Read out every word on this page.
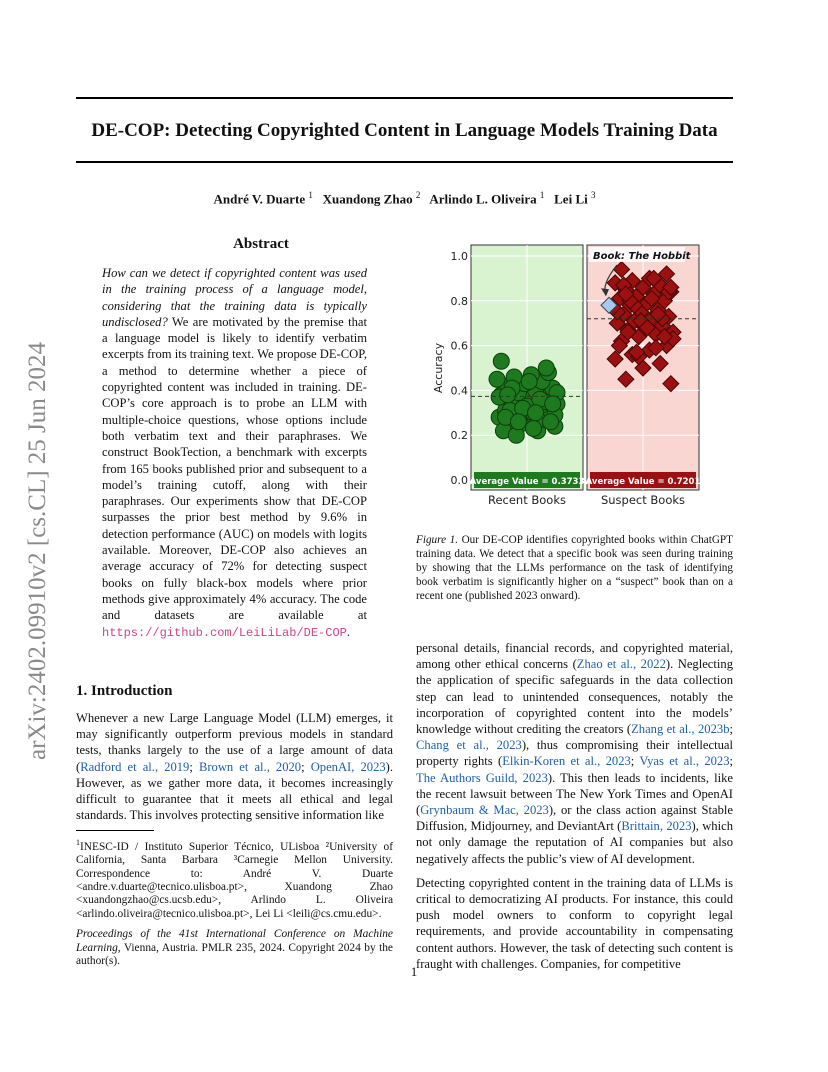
DE-COP: Detecting Copyrighted Content in Language Models Training Data
André V. Duarte $^1$ Xuandong Zhao $^2$ Arlindo L. Oliveira $^1$ Lei Li $^3$
arXiv:2402.09910v2 [cs.CL] 25 Jun 2024
Abstract
How can we detect if copyrighted content was used in the training process of a language model, considering that the training data is typically undisclosed? We are motivated by the premise that a language model is likely to identify verbatim excerpts from its training text. We propose DE-COP, a method to determine whether a piece of copyrighted content was included in training. DE-COP’s core approach is to probe an LLM with multiple-choice questions, whose options include both verbatim text and their paraphrases. We construct BookTection, a benchmark with excerpts from 165 books published prior and subsequent to a model’s training cutoff, along with their paraphrases. Our experiments show that DE-COP surpasses the prior best method by 9.6% in detection performance (AUC) on models with logits available. Moreover, DE-COP also achieves an average accuracy of 72% for detecting suspect books on fully black-box models where prior methods give approximately 4% accuracy. The code and datasets are available at https://github.com/LeiLiLab/DE-COP.
0.0
0.2
0.4
0.6
0.8
1.0
Accuracy
Average Value = 0.3733
Recent Books
Average Value = 0.7201
Suspect Books
Book: The Hobbit
Figure 1. Our DE-COP identifies copyrighted books within ChatGPT training data. We detect that a specific book was seen during training by showing that the LLMs performance on the task of identifying book verbatim is significantly higher on a “suspect” book than on a recent one (published 2023 onward).
1. Introduction
Whenever a new Large Language Model (LLM) emerges, it may significantly outperform previous models in standard tests, thanks largely to the use of a large amount of data (Radford et al., 2019; Brown et al., 2020; OpenAI, 2023). However, as we gather more data, it becomes increasingly difficult to guarantee that it meets all ethical and legal standards. This involves protecting sensitive information like
$^1$INESC-ID / Instituto Superior Técnico, ULisboa ²University of California, Santa Barbara ³Carnegie Mellon University. Correspondence to: André V. Duarte <andre.v.duarte@tecnico.ulisboa.pt>, Xuandong Zhao <xuandongzhao@cs.ucsb.edu>, Arlindo L. Oliveira <arlindo.oliveira@tecnico.ulisboa.pt>, Lei Li <leili@cs.cmu.edu>.
Proceedings of the 41st International Conference on Machine Learning, Vienna, Austria. PMLR 235, 2024. Copyright 2024 by the author(s).

personal details, financial records, and copyrighted material, among other ethical concerns (Zhao et al., 2022). Neglecting the application of specific safeguards in the data collection step can lead to unintended consequences, notably the incorporation of copyrighted content into the models’ knowledge without crediting the creators (Zhang et al., 2023b; Chang et al., 2023), thus compromising their intellectual property rights (Elkin-Koren et al., 2023; Vyas et al., 2023; The Authors Guild, 2023). This then leads to incidents, like the recent lawsuit between The New York Times and OpenAI (Grynbaum & Mac, 2023), or the class action against Stable Diffusion, Midjourney, and DeviantArt (Brittain, 2023), which not only damage the reputation of AI companies but also negatively affects the public’s view of AI development.

Detecting copyrighted content in the training data of LLMs is critical to democratizing AI products. For instance, this could push model owners to conform to copyright legal requirements, and provide accountability in compensating content authors. However, the task of detecting such content is fraught with challenges. Companies, for competitive

1
